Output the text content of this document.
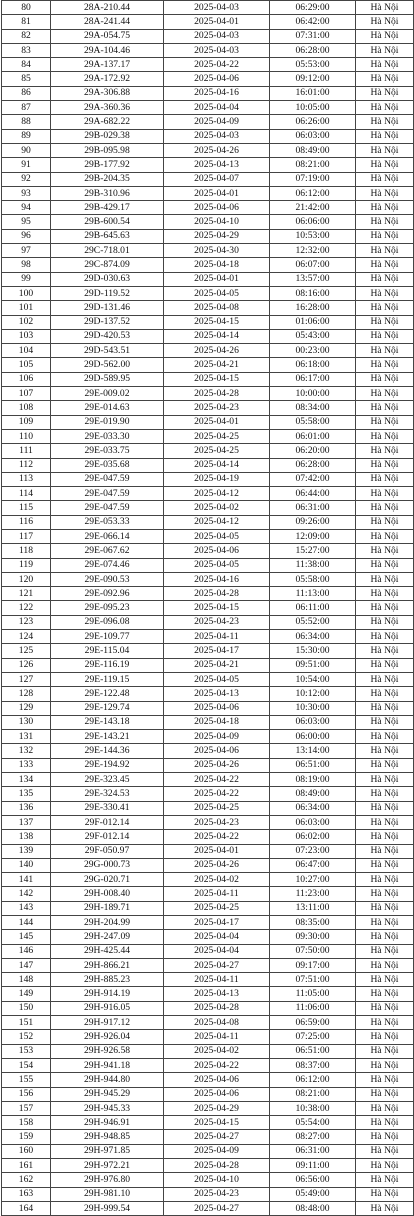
80	28A-210.44	2025-04-03	06:29:00	Hà Nội
81	28A-241.44	2025-04-01	06:42:00	Hà Nội
82	29A-054.75	2025-04-03	07:31:00	Hà Nội
83	29A-104.46	2025-04-03	06:28:00	Hà Nội
84	29A-137.17	2025-04-22	05:53:00	Hà Nội
85	29A-172.92	2025-04-06	09:12:00	Hà Nội
86	29A-306.88	2025-04-16	16:01:00	Hà Nội
87	29A-360.36	2025-04-04	10:05:00	Hà Nội
88	29A-682.22	2025-04-09	06:26:00	Hà Nội
89	29B-029.38	2025-04-03	06:03:00	Hà Nội
90	29B-095.98	2025-04-26	08:49:00	Hà Nội
91	29B-177.92	2025-04-13	08:21:00	Hà Nội
92	29B-204.35	2025-04-07	07:19:00	Hà Nội
93	29B-310.96	2025-04-01	06:12:00	Hà Nội
94	29B-429.17	2025-04-06	21:42:00	Hà Nội
95	29B-600.54	2025-04-10	06:06:00	Hà Nội
96	29B-645.63	2025-04-29	10:53:00	Hà Nội
97	29C-718.01	2025-04-30	12:32:00	Hà Nội
98	29C-874.09	2025-04-18	06:07:00	Hà Nội
99	29D-030.63	2025-04-01	13:57:00	Hà Nội
100	29D-119.52	2025-04-05	08:16:00	Hà Nội
101	29D-131.46	2025-04-08	16:28:00	Hà Nội
102	29D-137.52	2025-04-15	01:06:00	Hà Nội
103	29D-420.53	2025-04-14	05:43:00	Hà Nội
104	29D-543.51	2025-04-26	00:23:00	Hà Nội
105	29D-562.00	2025-04-21	06:18:00	Hà Nội
106	29D-589.95	2025-04-15	06:17:00	Hà Nội
107	29E-009.02	2025-04-28	10:00:00	Hà Nội
108	29E-014.63	2025-04-23	08:34:00	Hà Nội
109	29E-019.90	2025-04-01	05:58:00	Hà Nội
110	29E-033.30	2025-04-25	06:01:00	Hà Nội
111	29E-033.75	2025-04-25	06:20:00	Hà Nội
112	29E-035.68	2025-04-14	06:28:00	Hà Nội
113	29E-047.59	2025-04-19	07:42:00	Hà Nội
114	29E-047.59	2025-04-12	06:44:00	Hà Nội
115	29E-047.59	2025-04-02	06:31:00	Hà Nội
116	29E-053.33	2025-04-12	09:26:00	Hà Nội
117	29E-066.14	2025-04-05	12:09:00	Hà Nội
118	29E-067.62	2025-04-06	15:27:00	Hà Nội
119	29E-074.46	2025-04-05	11:38:00	Hà Nội
120	29E-090.53	2025-04-16	05:58:00	Hà Nội
121	29E-092.96	2025-04-28	11:13:00	Hà Nội
122	29E-095.23	2025-04-15	06:11:00	Hà Nội
123	29E-096.08	2025-04-23	05:52:00	Hà Nội
124	29E-109.77	2025-04-11	06:34:00	Hà Nội
125	29E-115.04	2025-04-17	15:30:00	Hà Nội
126	29E-116.19	2025-04-21	09:51:00	Hà Nội
127	29E-119.15	2025-04-05	10:54:00	Hà Nội
128	29E-122.48	2025-04-13	10:12:00	Hà Nội
129	29E-129.74	2025-04-06	10:30:00	Hà Nội
130	29E-143.18	2025-04-18	06:03:00	Hà Nội
131	29E-143.21	2025-04-09	06:00:00	Hà Nội
132	29E-144.36	2025-04-06	13:14:00	Hà Nội
133	29E-194.92	2025-04-26	06:51:00	Hà Nội
134	29E-323.45	2025-04-22	08:19:00	Hà Nội
135	29E-324.53	2025-04-22	08:49:00	Hà Nội
136	29E-330.41	2025-04-25	06:34:00	Hà Nội
137	29F-012.14	2025-04-23	06:03:00	Hà Nội
138	29F-012.14	2025-04-22	06:02:00	Hà Nội
139	29F-050.97	2025-04-01	07:23:00	Hà Nội
140	29G-000.73	2025-04-26	06:47:00	Hà Nội
141	29G-020.71	2025-04-02	10:27:00	Hà Nội
142	29H-008.40	2025-04-11	11:23:00	Hà Nội
143	29H-189.71	2025-04-25	13:11:00	Hà Nội
144	29H-204.99	2025-04-17	08:35:00	Hà Nội
145	29H-247.09	2025-04-04	09:30:00	Hà Nội
146	29H-425.44	2025-04-04	07:50:00	Hà Nội
147	29H-866.21	2025-04-27	09:17:00	Hà Nội
148	29H-885.23	2025-04-11	07:51:00	Hà Nội
149	29H-914.19	2025-04-13	11:05:00	Hà Nội
150	29H-916.05	2025-04-28	11:06:00	Hà Nội
151	29H-917.12	2025-04-08	06:59:00	Hà Nội
152	29H-926.04	2025-04-11	07:25:00	Hà Nội
153	29H-926.58	2025-04-02	06:51:00	Hà Nội
154	29H-941.18	2025-04-22	08:37:00	Hà Nội
155	29H-944.80	2025-04-06	06:12:00	Hà Nội
156	29H-945.29	2025-04-06	08:21:00	Hà Nội
157	29H-945.33	2025-04-29	10:38:00	Hà Nội
158	29H-946.91	2025-04-15	05:54:00	Hà Nội
159	29H-948.85	2025-04-27	08:27:00	Hà Nội
160	29H-971.85	2025-04-09	06:31:00	Hà Nội
161	29H-972.21	2025-04-28	09:11:00	Hà Nội
162	29H-976.80	2025-04-10	06:56:00	Hà Nội
163	29H-981.10	2025-04-23	05:49:00	Hà Nội
164	29H-999.54	2025-04-27	08:48:00	Hà Nội
